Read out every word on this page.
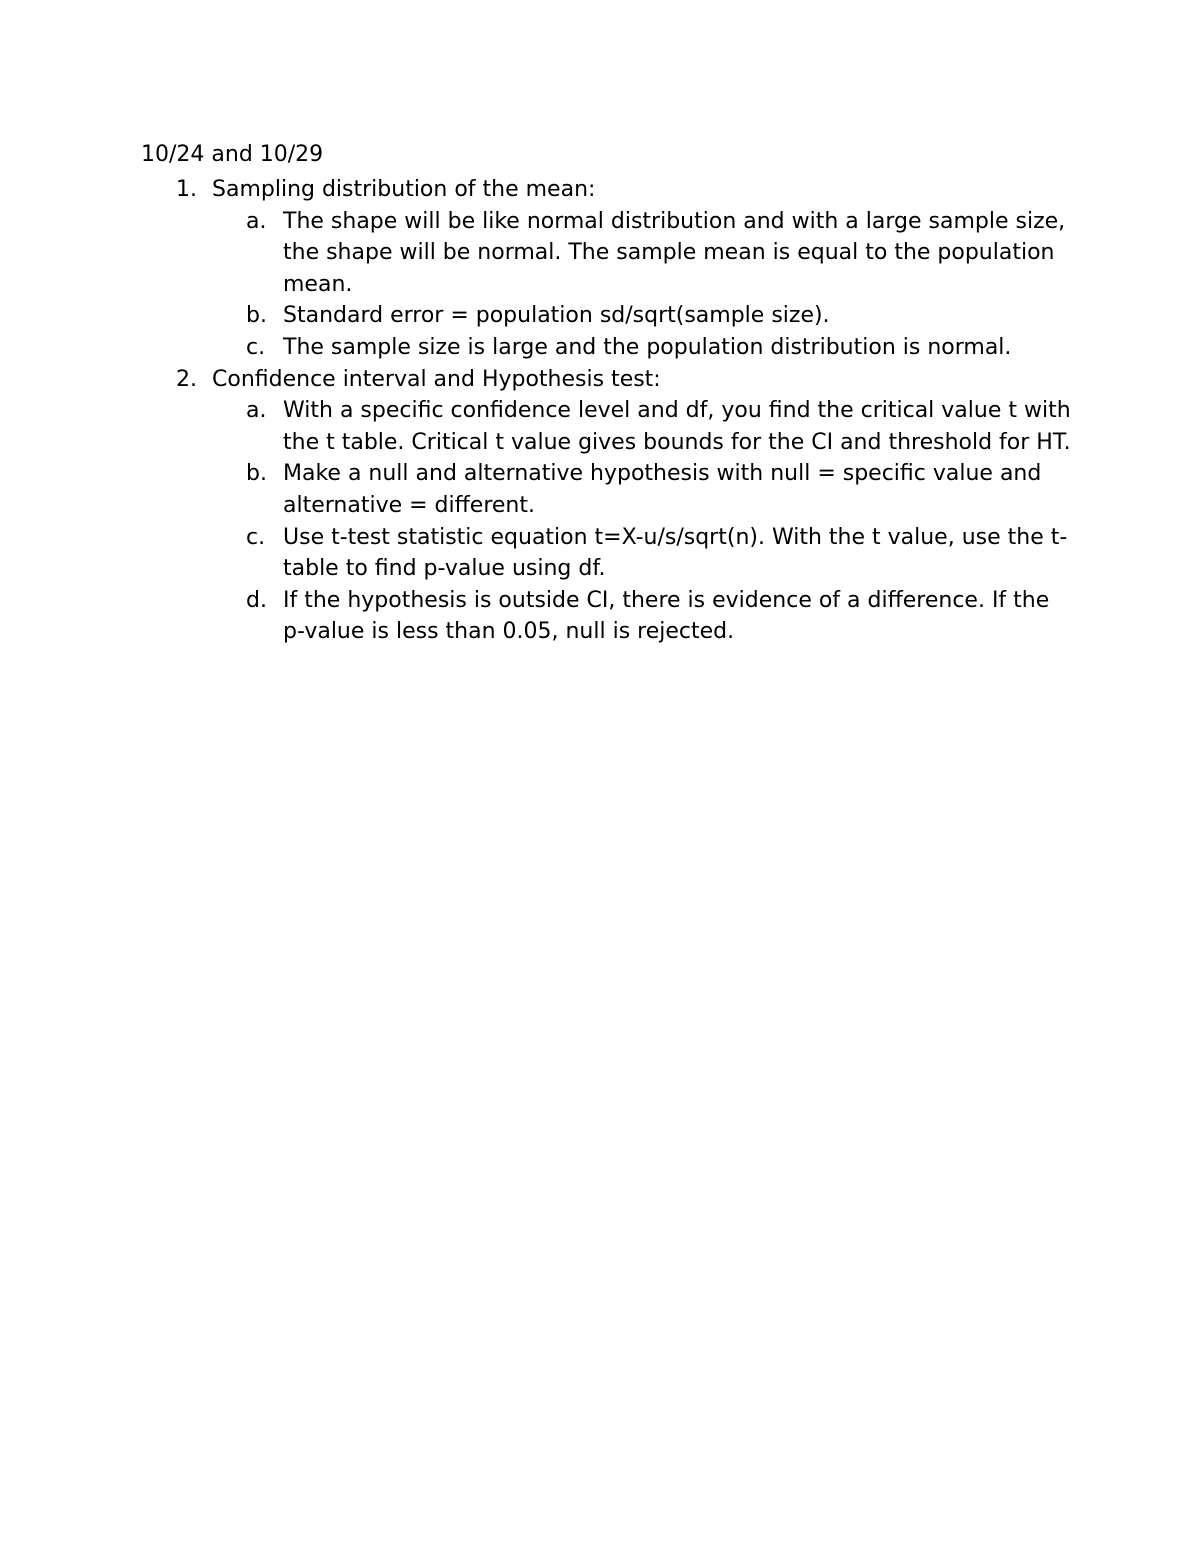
10/24 and 10/29
1. Sampling distribution of the mean:
a. The shape will be like normal distribution and with a large sample size, the shape will be normal. The sample mean is equal to the population mean.
b. Standard error = population sd/sqrt(sample size).
c. The sample size is large and the population distribution is normal.
2. Confidence interval and Hypothesis test:
a. With a specific confidence level and df, you find the critical value t with the t table. Critical t value gives bounds for the CI and threshold for HT.
b. Make a null and alternative hypothesis with null = specific value and alternative = different.
c. Use t-test statistic equation t=X-u/s/sqrt(n). With the t value, use the t-table to find p-value using df.
d. If the hypothesis is outside CI, there is evidence of a difference. If the p-value is less than 0.05, null is rejected.
